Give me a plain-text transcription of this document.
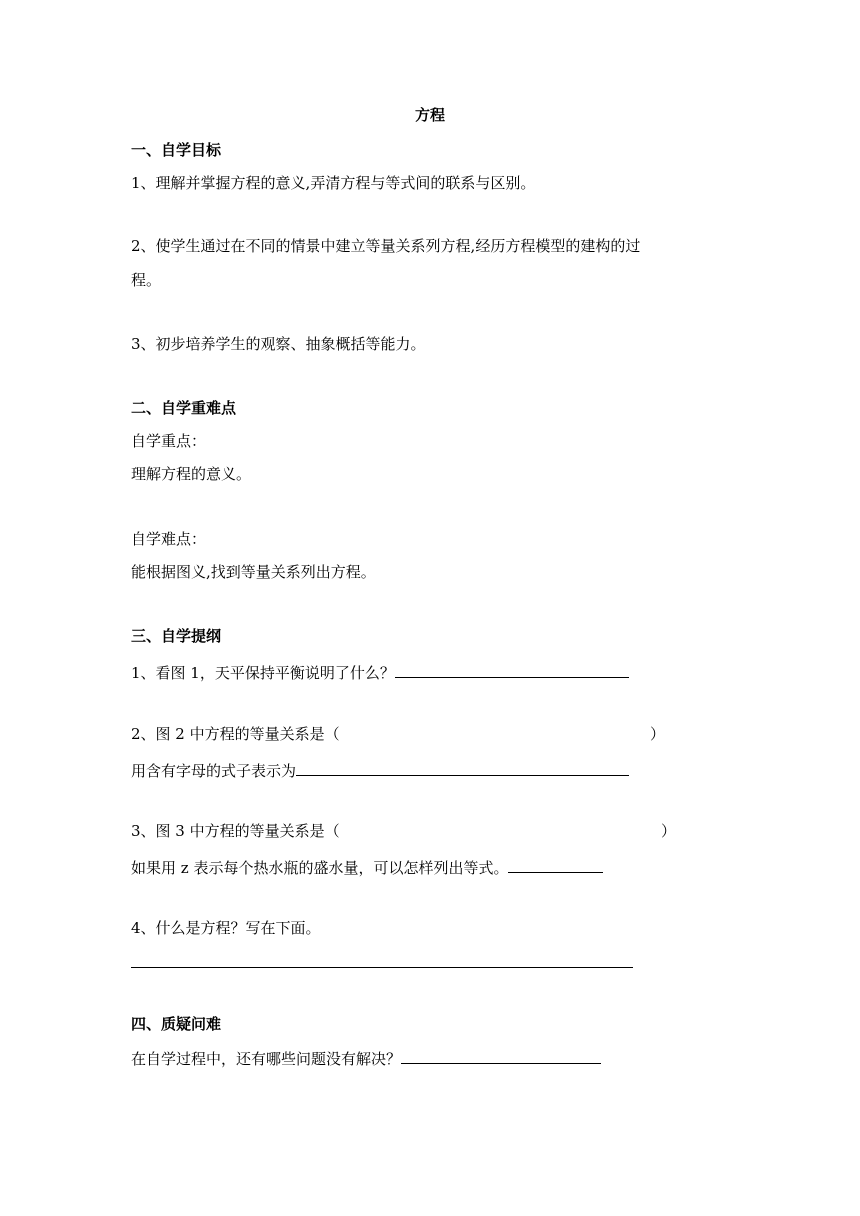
方程
一、自学目标
1、理解并掌握方程的意义,弄清方程与等式间的联系与区别。
2、使学生通过在不同的情景中建立等量关系列方程,经历方程模型的建构的过
程。
3、初步培养学生的观察、抽象概括等能力。
二、自学重难点
自学重点：
理解方程的意义。
自学难点：
能根据图义,找到等量关系列出方程。
三、自学提纲
1、看图 1，天平保持平衡说明了什么？
2、图 2 中方程的等量关系是（	）
用含有字母的式子表示为
3、图 3 中方程的等量关系是（	）
如果用 z 表示每个热水瓶的盛水量，可以怎样列出等式。
4、什么是方程？写在下面。
四、质疑问难
在自学过程中，还有哪些问题没有解决？
